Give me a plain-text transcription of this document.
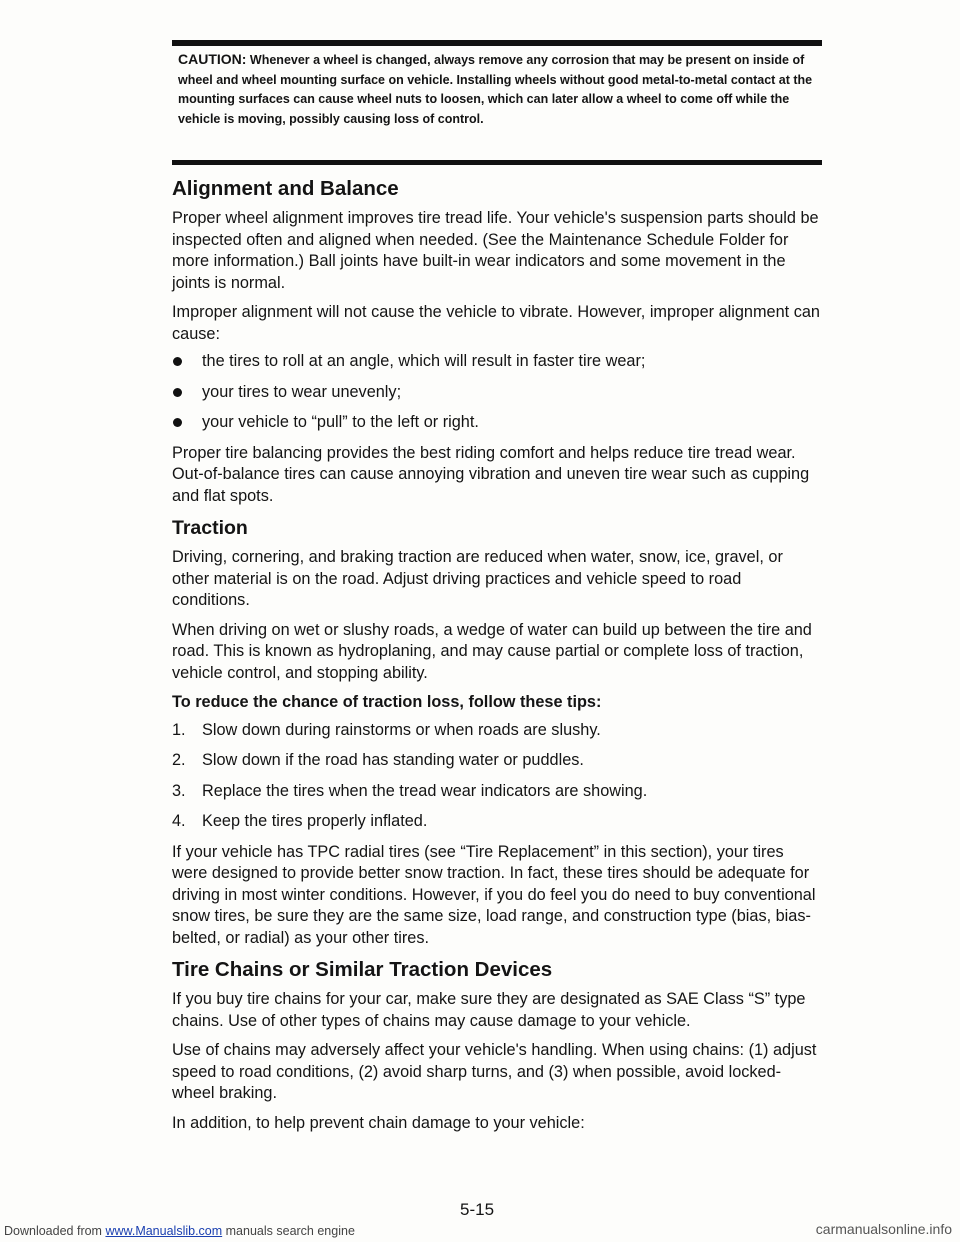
CAUTION: Whenever a wheel is changed, always remove any corrosion that may be present on inside of wheel and wheel mounting surface on vehicle. Installing wheels without good metal-to-metal contact at the mounting surfaces can cause wheel nuts to loosen, which can later allow a wheel to come off while the vehicle is moving, possibly causing loss of control.
Alignment and Balance

Proper wheel alignment improves tire tread life. Your vehicle's suspension parts should be inspected often and aligned when needed. (See the Maintenance Schedule Folder for more information.) Ball joints have built-in wear indicators and some movement in the joints is normal.

Improper alignment will not cause the vehicle to vibrate. However, improper alignment can cause:

the tires to roll at an angle, which will result in faster tire wear;
your tires to wear unevenly;
your vehicle to “pull” to the left or right.

Proper tire balancing provides the best riding comfort and helps reduce tire tread wear. Out-of-balance tires can cause annoying vibration and uneven tire wear such as cupping and flat spots.

Traction

Driving, cornering, and braking traction are reduced when water, snow, ice, gravel, or other material is on the road. Adjust driving practices and vehicle speed to road conditions.

When driving on wet or slushy roads, a wedge of water can build up between the tire and road. This is known as hydroplaning, and may cause partial or complete loss of traction, vehicle control, and stopping ability.

To reduce the chance of traction loss, follow these tips:

1. Slow down during rainstorms or when roads are slushy.
2. Slow down if the road has standing water or puddles.
3. Replace the tires when the tread wear indicators are showing.
4. Keep the tires properly inflated.

If your vehicle has TPC radial tires (see “Tire Replacement” in this section), your tires were designed to provide better snow traction. In fact, these tires should be adequate for driving in most winter conditions. However, if you do feel you do need to buy conventional snow tires, be sure they are the same size, load range, and construction type (bias, bias-belted, or radial) as your other tires.

Tire Chains or Similar Traction Devices

If you buy tire chains for your car, make sure they are designated as SAE Class “S” type chains. Use of other types of chains may cause damage to your vehicle.

Use of chains may adversely affect your vehicle's handling. When using chains: (1) adjust speed to road conditions, (2) avoid sharp turns, and (3) when possible, avoid locked-wheel braking.

In addition, to help prevent chain damage to your vehicle:

5-15
Downloaded from www.Manualslib.com manuals search engine	carmanualsonline.info
